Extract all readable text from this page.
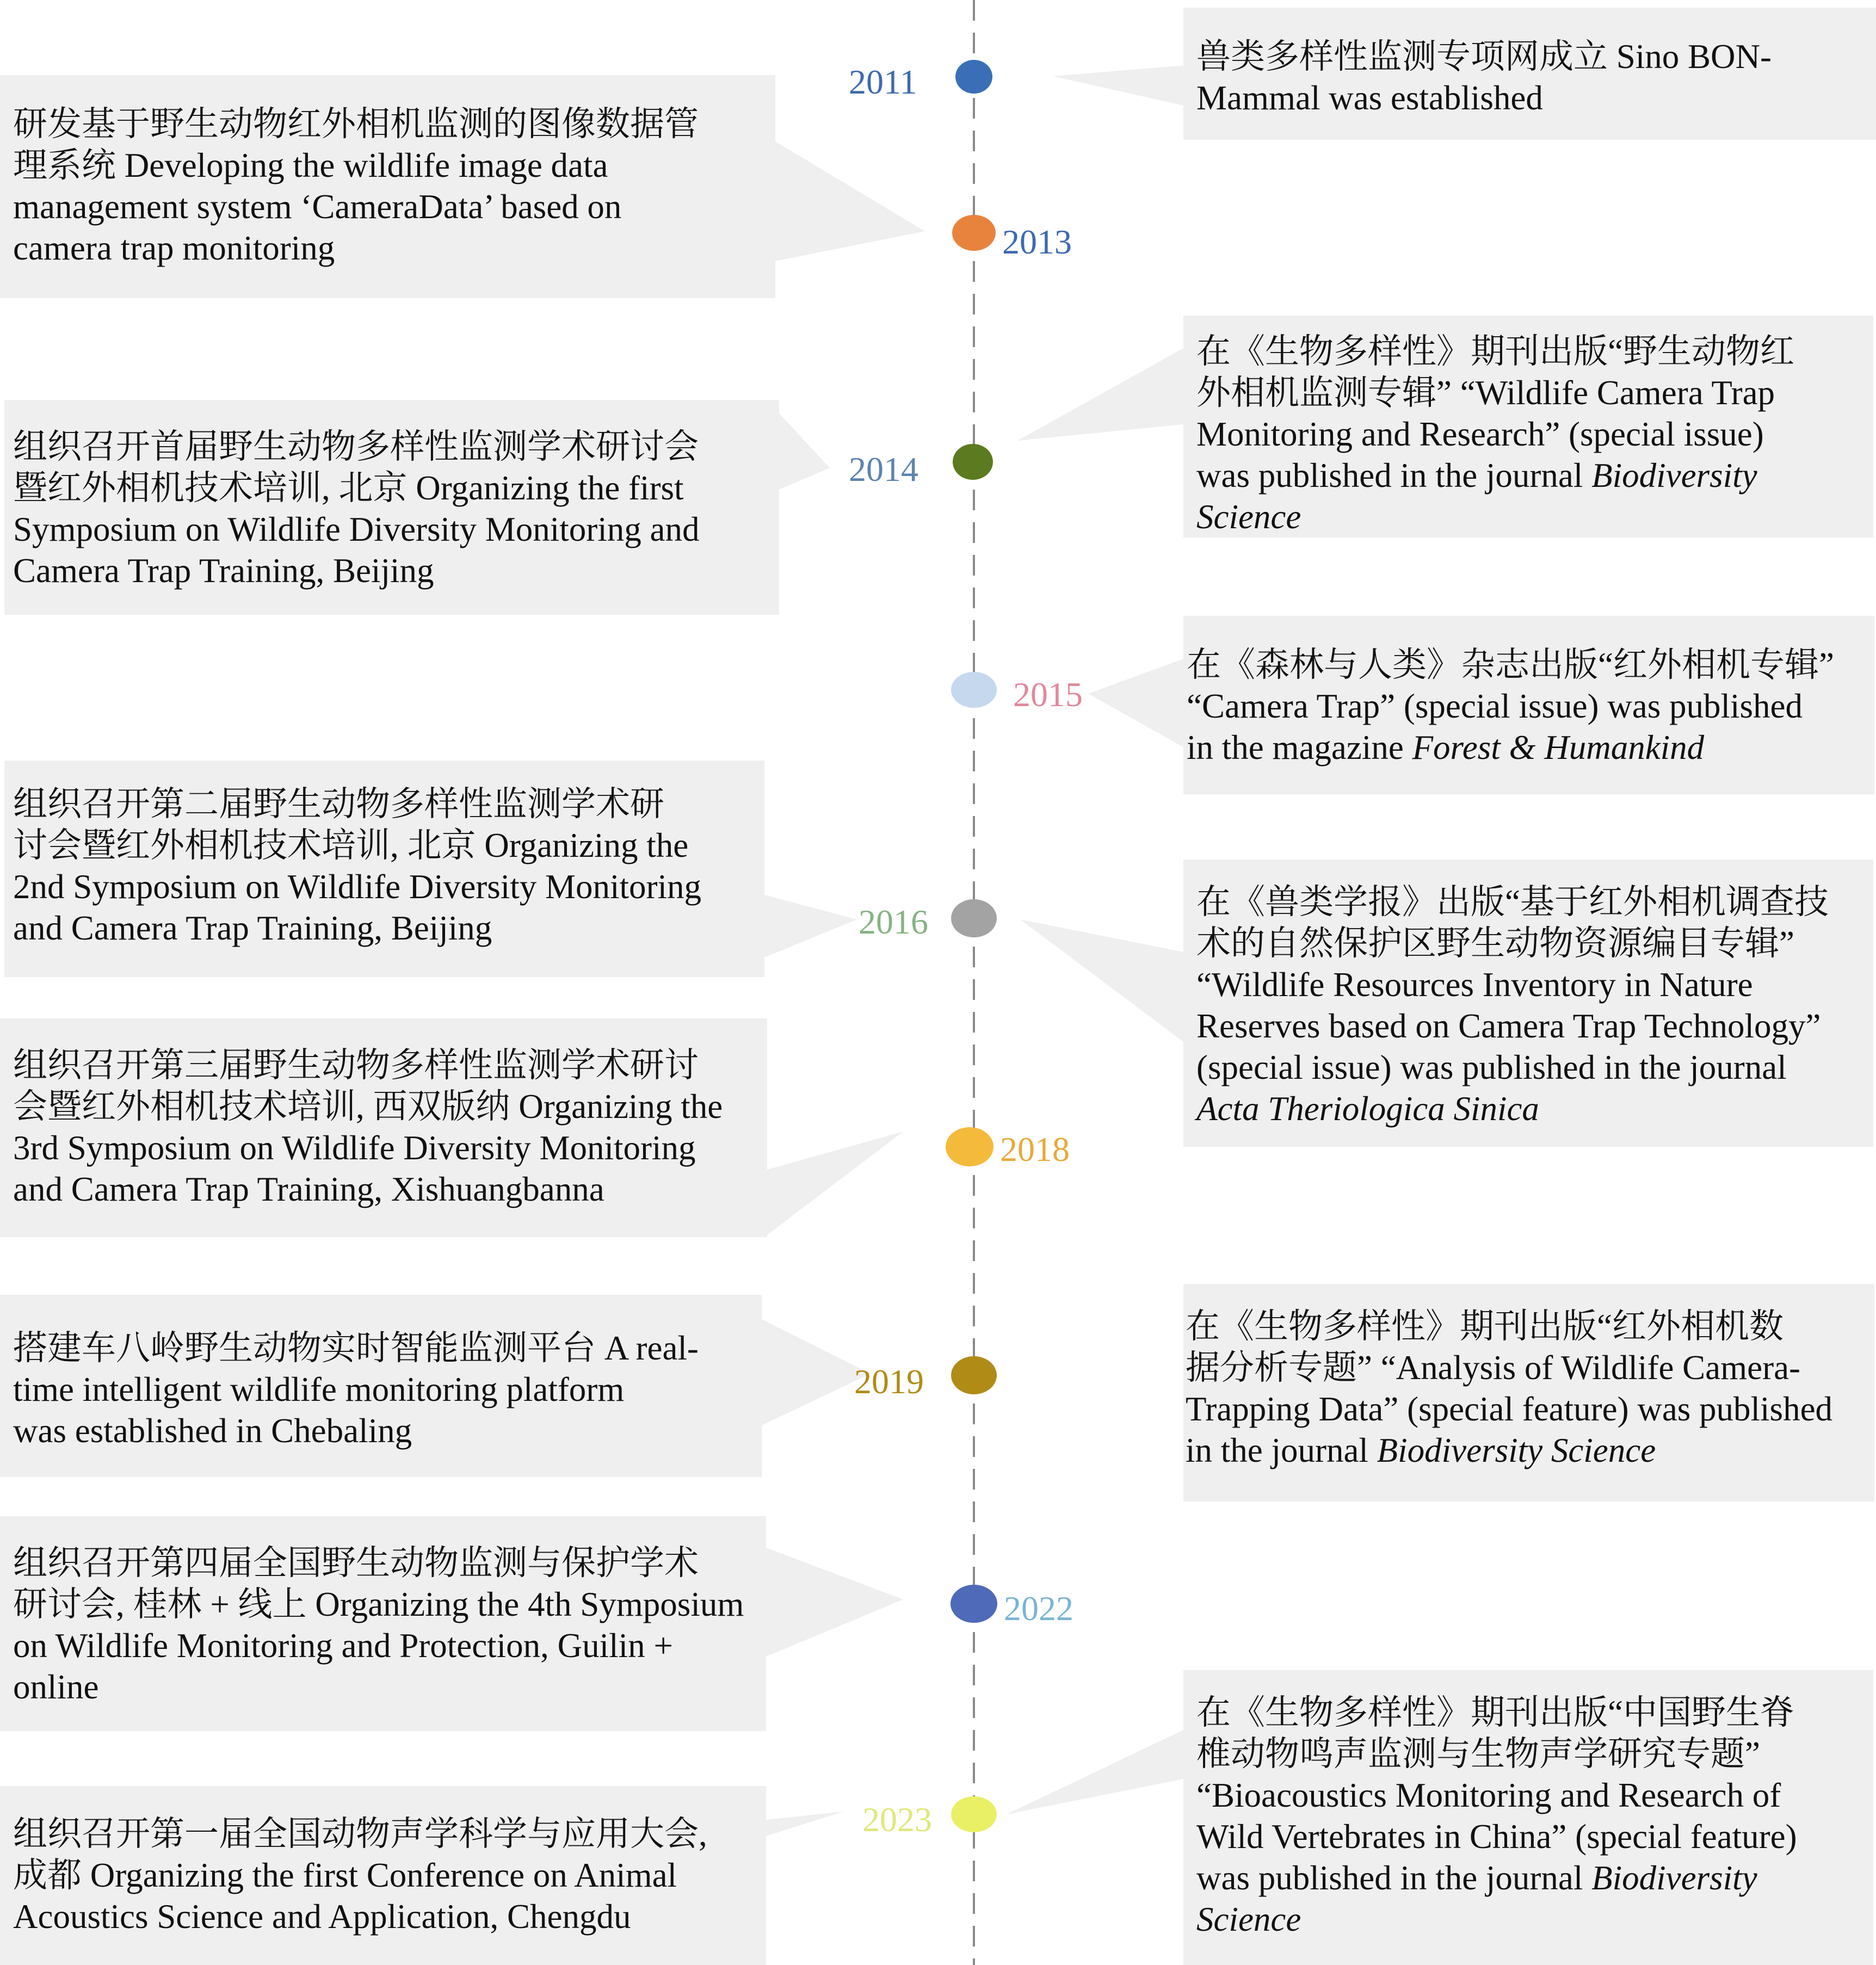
2011
2013
2014
2015
2016
2018
2019
2022
2023
兽类多样性监测专项网成立 Sino BON-
Mammal was established
在《生物多样性》期刊出版“野生动物红
外相机监测专辑” “Wildlife Camera Trap
Monitoring and Research” (special issue)
was published in the journal Biodiversity
Science
在《森林与人类》杂志出版“红外相机专辑”
“Camera Trap” (special issue) was published
in the magazine Forest & Humankind
在《兽类学报》出版“基于红外相机调查技
术的自然保护区野生动物资源编目专辑”
“Wildlife Resources Inventory in Nature
Reserves based on Camera Trap Technology”
(special issue) was published in the journal
Acta Theriologica Sinica
在《生物多样性》期刊出版“红外相机数
据分析专题” “Analysis of Wildlife Camera-
Trapping Data” (special feature) was published
in the journal Biodiversity Science
在《生物多样性》期刊出版“中国野生脊
椎动物鸣声监测与生物声学研究专题”
“Bioacoustics Monitoring and Research of
Wild Vertebrates in China” (special feature)
was published in the journal Biodiversity
Science
研发基于野生动物红外相机监测的图像数据管
理系统 Developing the wildlife image data
management system ‘CameraData’ based on
camera trap monitoring
组织召开首届野生动物多样性监测学术研讨会
暨红外相机技术培训, 北京 Organizing the first
Symposium on Wildlife Diversity Monitoring and
Camera Trap Training, Beijing
组织召开第二届野生动物多样性监测学术研
讨会暨红外相机技术培训, 北京 Organizing the
2nd Symposium on Wildlife Diversity Monitoring
and Camera Trap Training, Beijing
组织召开第三届野生动物多样性监测学术研讨
会暨红外相机技术培训, 西双版纳 Organizing the
3rd Symposium on Wildlife Diversity Monitoring
and Camera Trap Training, Xishuangbanna
搭建车八岭野生动物实时智能监测平台 A real-
time intelligent wildlife monitoring platform
was established in Chebaling
组织召开第四届全国野生动物监测与保护学术
研讨会, 桂林 + 线上 Organizing the 4th Symposium
on Wildlife Monitoring and Protection, Guilin +
online
组织召开第一届全国动物声学科学与应用大会,
成都 Organizing the first Conference on Animal
Acoustics Science and Application, Chengdu
